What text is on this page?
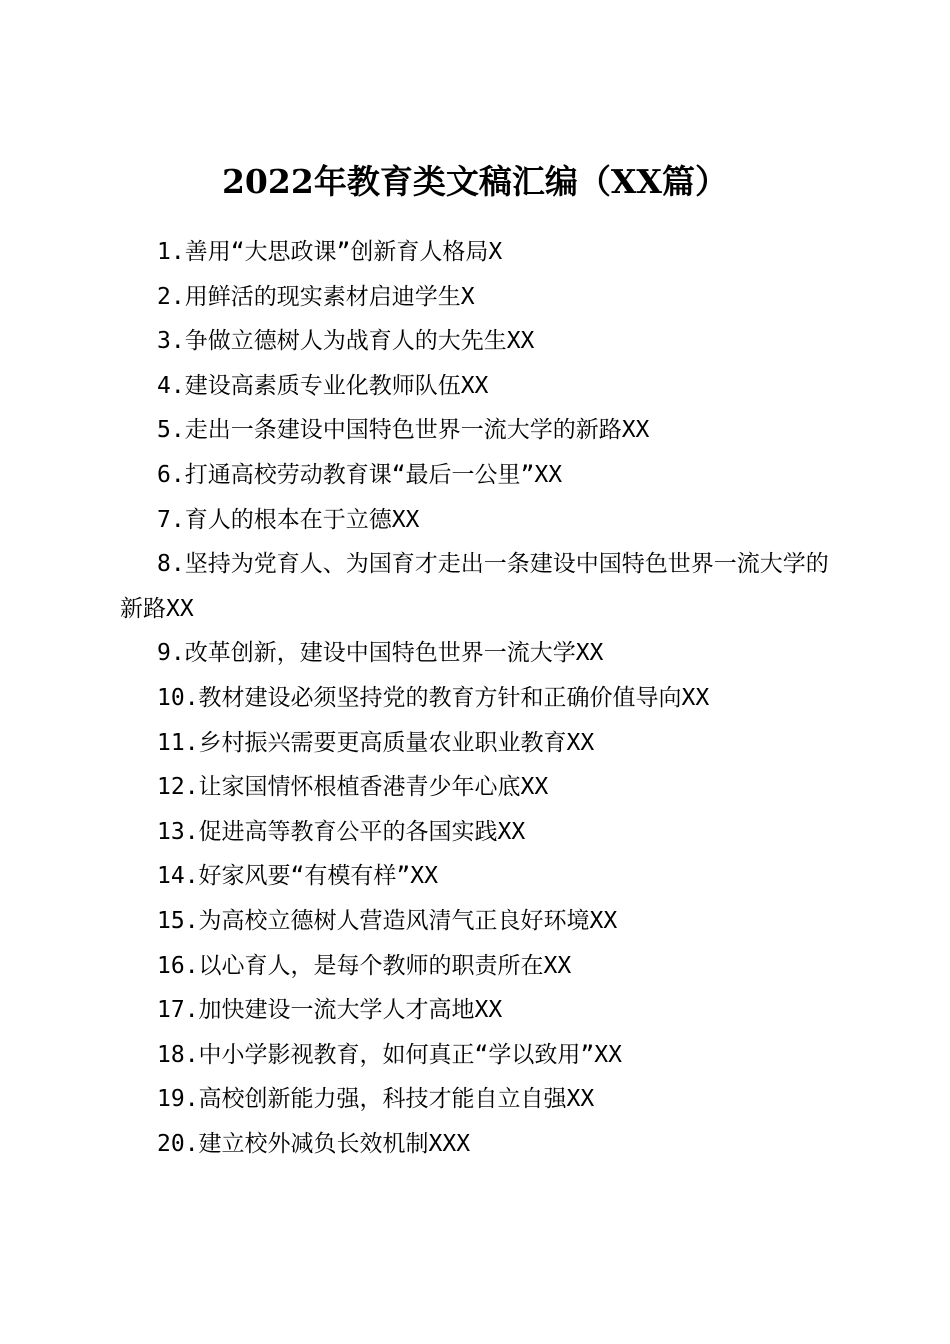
2022年教育类文稿汇编（XX篇）
1.善用“大思政课”创新育人格局X
2.用鲜活的现实素材启迪学生X
3.争做立德树人为战育人的大先生XX
4.建设高素质专业化教师队伍XX
5.走出一条建设中国特色世界一流大学的新路XX
6.打通高校劳动教育课“最后一公里”XX
7.育人的根本在于立德XX
8.坚持为党育人、为国育才走出一条建设中国特色世界一流大学的新路XX
9.改革创新，建设中国特色世界一流大学XX
10.教材建设必须坚持党的教育方针和正确价值导向XX
11.乡村振兴需要更高质量农业职业教育XX
12.让家国情怀根植香港青少年心底XX
13.促进高等教育公平的各国实践XX
14.好家风要“有模有样”XX
15.为高校立德树人营造风清气正良好环境XX
16.以心育人，是每个教师的职责所在XX
17.加快建设一流大学人才高地XX
18.中小学影视教育，如何真正“学以致用”XX
19.高校创新能力强，科技才能自立自强XX
20.建立校外减负长效机制XXX
